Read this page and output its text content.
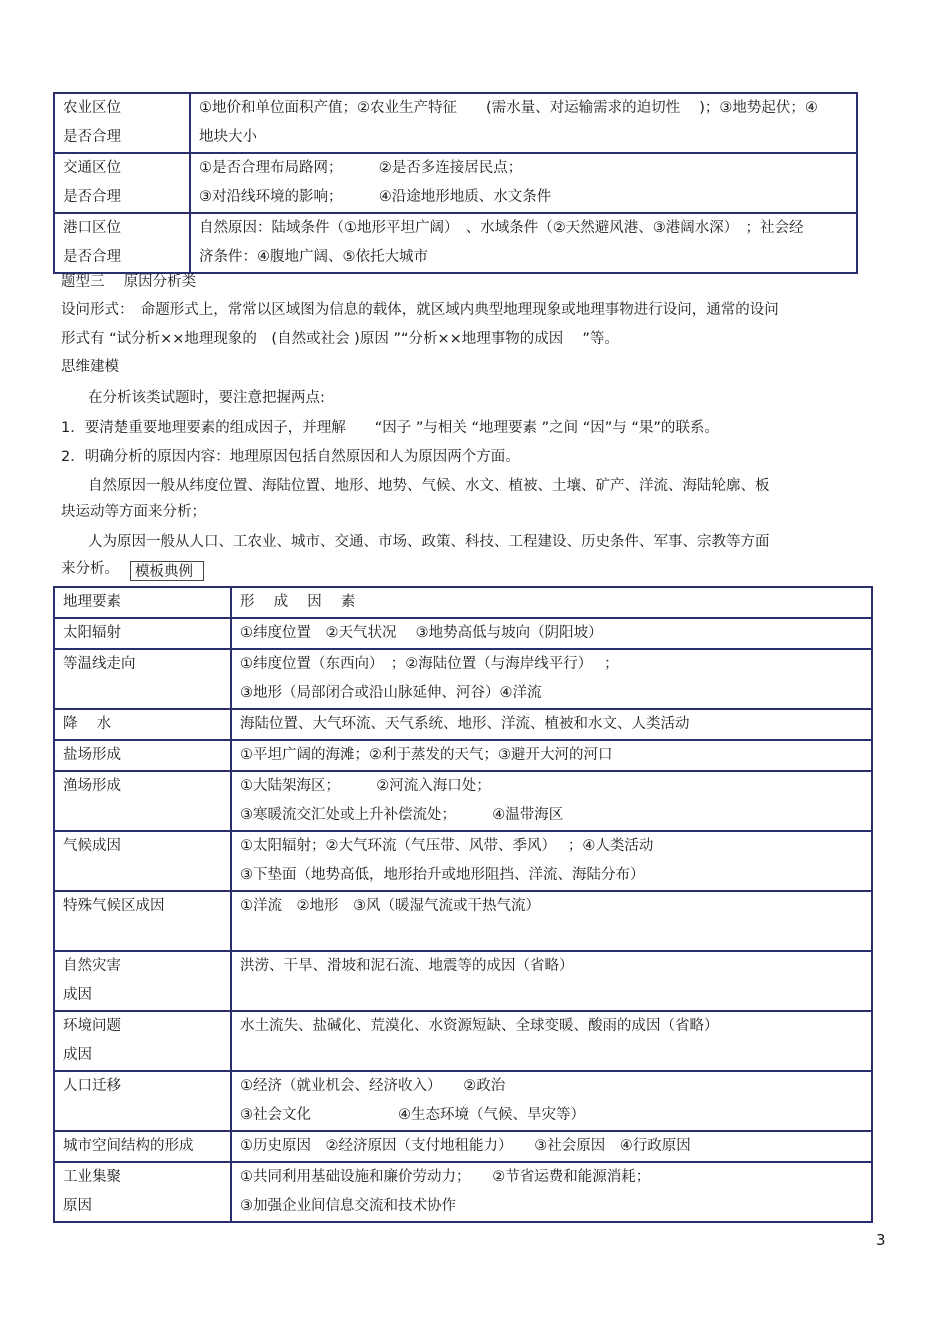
农业区位
是否合理	①地价和单位面积产值；②农业生产特征　　(需水量、对运输需求的迫切性　 )；③地势起伏；④
地块大小

交通区位
是否合理	①是否合理布局路网；　　　②是否多连接居民点；
③对沿线环境的影响；　　　④沿途地形地质、水文条件

港口区位
是否合理	自然原因：陆域条件（①地形平坦广阔）　、水域条件（②天然避风港、③港阔水深）　；社会经
济条件：④腹地广阔、⑤依托大城市
题型三　 原因分析类
设问形式：　命题形式上，常常以区域图为信息的载体，就区域内典型地理现象或地理事物进行设问，通常的设问
形式有 “试分析××地理现象的　(自然或社会 )原因 ”“分析××地理事物的成因　 ”等。
思维建模
在分析该类试题时，要注意把握两点:
1．要清楚重要地理要素的组成因子，并理解　　“因子 ”与相关 “地理要素 ”之间 “因”与 “果”的联系。
2．明确分析的原因内容：地理原因包括自然原因和人为原因两个方面。
自然原因一般从纬度位置、海陆位置、地形、地势、气候、水文、植被、土壤、矿产、洋流、海陆轮廓、板
块运动等方面来分析；
人为原因一般从人口、工农业、城市、交通、市场、政策、科技、工程建设、历史条件、军事、宗教等方面
来分析。	模板典例
地理要素	形　 成　 因　 素

太阳辐射	①纬度位置　②天气状况　 ③地势高低与坡向（阴阳坡）

等温线走向	①纬度位置（东西向）　；②海陆位置（与海岸线平行）　 ；
③地形（局部闭合或沿山脉延伸、河谷）④洋流

降　 水	海陆位置、大气环流、天气系统、地形、洋流、植被和水文、人类活动

盐场形成	①平坦广阔的海滩；②利于蒸发的天气；③避开大河的河口

渔场形成	①大陆架海区；　　　②河流入海口处；
③寒暖流交汇处或上升补偿流处；　　　④温带海区

气候成因	①太阳辐射；②大气环流（气压带、风带、季风）　 ；④人类活动
③下垫面（地势高低，地形抬升或地形阻挡、洋流、海陆分布）

特殊气候区成因	①洋流　②地形　③风（暖湿气流或干热气流）

自然灾害
成因	洪涝、干旱、滑坡和泥石流、地震等的成因（省略）

环境问题
成因	水土流失、盐碱化、荒漠化、水资源短缺、全球变暖、酸雨的成因（省略）

人口迁移	①经济（就业机会、经济收入）　　②政治
③社会文化　　　　　　④生态环境（气候、旱灾等）

城市空间结构的形成	①历史原因　②经济原因（支付地租能力）　　③社会原因　④行政原因

工业集聚
原因	①共同利用基础设施和廉价劳动力；　　②节省运费和能源消耗；
③加强企业间信息交流和技术协作
3
